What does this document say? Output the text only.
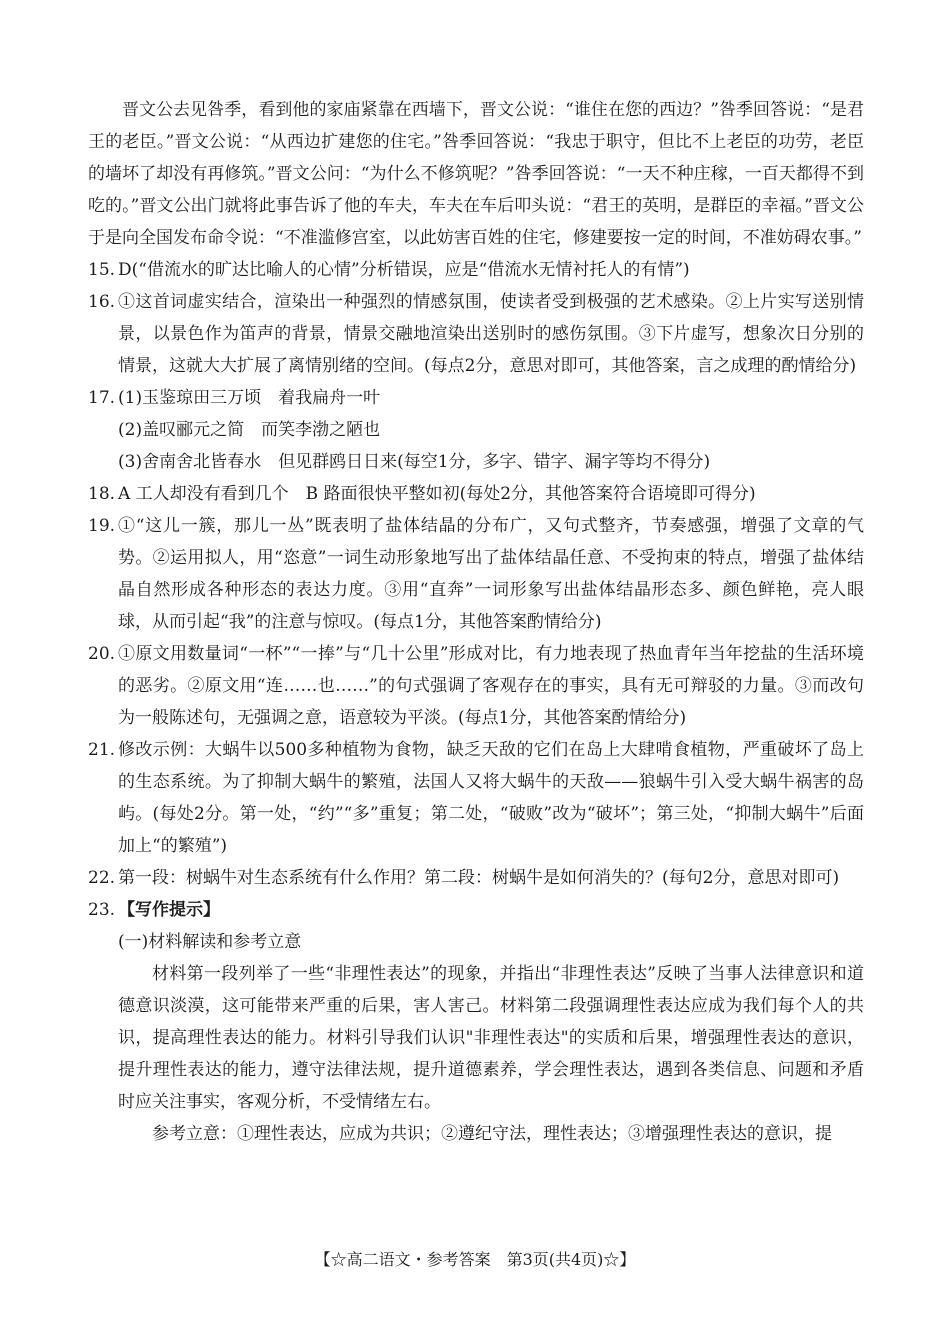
晋文公去见咎季，看到他的家庙紧靠在西墙下，晋文公说：“谁住在您的西边？”咎季回答说：“是君王的老臣。”晋文公说：“从西边扩建您的住宅。”咎季回答说：“我忠于职守，但比不上老臣的功劳，老臣的墙坏了却没有再修筑。”晋文公问：“为什么不修筑呢？”咎季回答说：“一天不种庄稼，一百天都得不到吃的。”晋文公出门就将此事告诉了他的车夫，车夫在车后叩头说：“君王的英明，是群臣的幸福。”晋文公于是向全国发布命令说：“不准滥修宫室，以此妨害百姓的住宅，修建要按一定的时间，不准妨碍农事。”

15. D(“借流水的旷达比喻人的心情”分析错误，应是“借流水无情衬托人的有情”)
16. ①这首词虚实结合，渲染出一种强烈的情感氛围，使读者受到极强的艺术感染。②上片实写送别情景，以景色作为笛声的背景，情景交融地渲染出送别时的感伤氛围。③下片虚写，想象次日分别的情景，这就大大扩展了离情别绪的空间。(每点2分，意思对即可，其他答案，言之成理的酌情给分)
17. (1)玉鉴琼田三万顷　着我扁舟一叶
(2)盖叹郦元之简　而笑李渤之陋也
(3)舍南舍北皆春水　但见群鸥日日来(每空1分，多字、错字、漏字等均不得分)
18. A 工人却没有看到几个　B 路面很快平整如初(每处2分，其他答案符合语境即可得分)
19. ①“这儿一簇，那儿一丛”既表明了盐体结晶的分布广，又句式整齐，节奏感强，增强了文章的气势。②运用拟人，用“恣意”一词生动形象地写出了盐体结晶任意、不受拘束的特点，增强了盐体结晶自然形成各种形态的表达力度。③用“直奔”一词形象写出盐体结晶形态多、颜色鲜艳，亮人眼球，从而引起“我”的注意与惊叹。(每点1分，其他答案酌情给分)
20. ①原文用数量词“一杯”“一捧”与“几十公里”形成对比，有力地表现了热血青年当年挖盐的生活环境的恶劣。②原文用“连……也……”的句式强调了客观存在的事实，具有无可辩驳的力量。③而改句为一般陈述句，无强调之意，语意较为平淡。(每点1分，其他答案酌情给分)
21. 修改示例：大蜗牛以500多种植物为食物，缺乏天敌的它们在岛上大肆啃食植物，严重破坏了岛上的生态系统。为了抑制大蜗牛的繁殖，法国人又将大蜗牛的天敌——狼蜗牛引入受大蜗牛祸害的岛屿。(每处2分。第一处，“约”“多”重复；第二处，“破败”改为“破坏”；第三处，“抑制大蜗牛”后面加上“的繁殖”)
22. 第一段：树蜗牛对生态系统有什么作用？第二段：树蜗牛是如何消失的？(每句2分，意思对即可)
23. 【写作提示】

(一)材料解读和参考立意

材料第一段列举了一些“非理性表达”的现象，并指出“非理性表达”反映了当事人法律意识和道德意识淡漠，这可能带来严重的后果，害人害己。材料第二段强调理性表达应成为我们每个人的共识，提高理性表达的能力。材料引导我们认识"非理性表达"的实质和后果，增强理性表达的意识，提升理性表达的能力，遵守法律法规，提升道德素养，学会理性表达，遇到各类信息、问题和矛盾时应关注事实，客观分析，不受情绪左右。

参考立意：①理性表达，应成为共识；②遵纪守法，理性表达；③增强理性表达的意识，提

【☆高二语文・参考答案　第3页(共4页)☆】
